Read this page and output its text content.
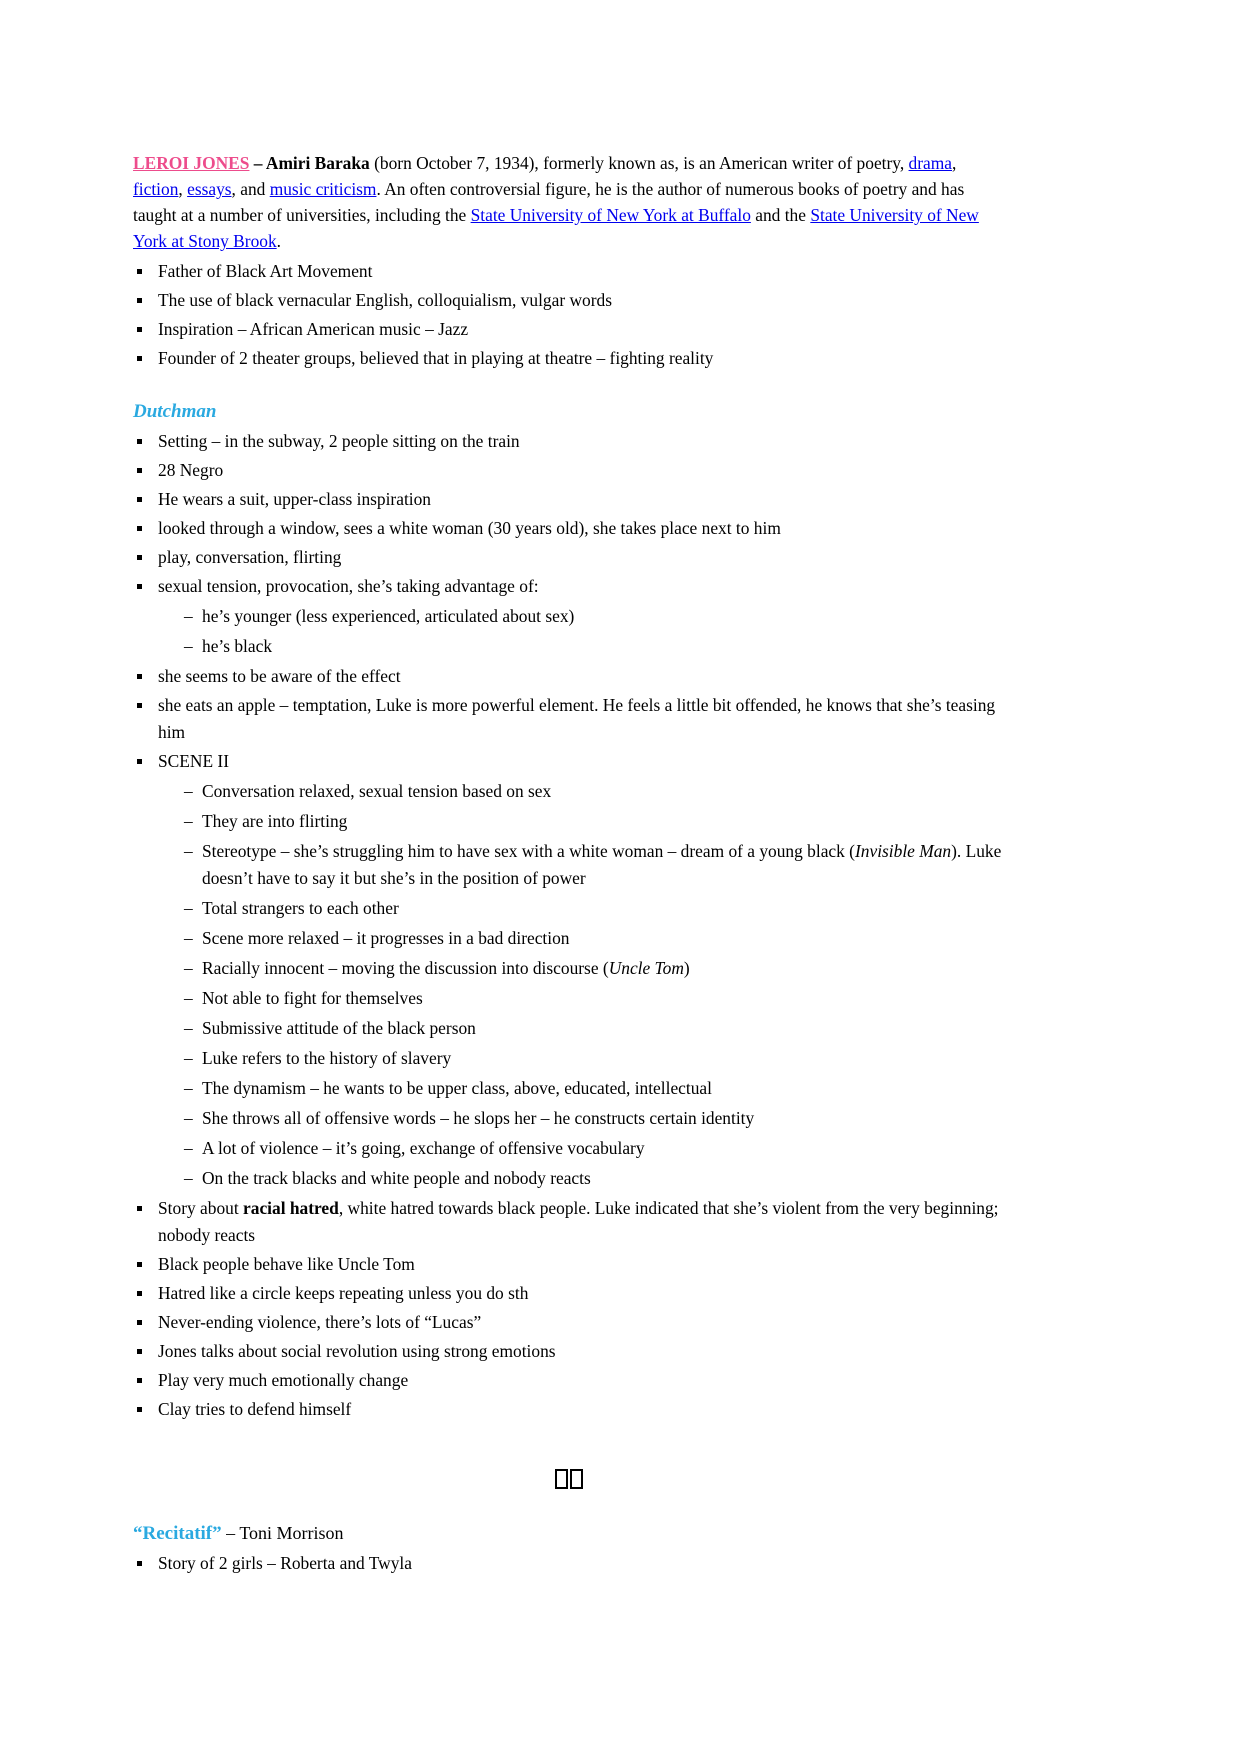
LEROI JONES – Amiri Baraka (born October 7, 1934), formerly known as, is an American writer of poetry, drama, fiction, essays, and music criticism. An often controversial figure, he is the author of numerous books of poetry and has taught at a number of universities, including the State University of New York at Buffalo and the State University of New York at Stony Brook.

Father of Black Art Movement
The use of black vernacular English, colloquialism, vulgar words
Inspiration – African American music – Jazz
Founder of 2 theater groups, believed that in playing at theatre – fighting reality
Dutchman
Setting – in the subway, 2 people sitting on the train
28 Negro
He wears a suit, upper-class inspiration
looked through a window, sees a white woman (30 years old), she takes place next to him
play, conversation, flirting
sexual tension, provocation, she’s taking advantage of:
– he’s younger (less experienced, articulated about sex)
– he’s black
she seems to be aware of the effect
she eats an apple – temptation, Luke is more powerful element. He feels a little bit offended, he knows that she’s teasing him
SCENE II
– Conversation relaxed, sexual tension based on sex
– They are into flirting
– Stereotype – she’s struggling him to have sex with a white woman – dream of a young black (Invisible Man). Luke doesn’t have to say it but she’s in the position of power
– Total strangers to each other
– Scene more relaxed – it progresses in a bad direction
– Racially innocent – moving the discussion into discourse (Uncle Tom)
– Not able to fight for themselves
– Submissive attitude of the black person
– Luke refers to the history of slavery
– The dynamism – he wants to be upper class, above, educated, intellectual
– She throws all of offensive words – he slops her – he constructs certain identity
– A lot of violence – it’s going, exchange of offensive vocabulary
– On the track blacks and white people and nobody reacts
Story about racial hatred, white hatred towards black people. Luke indicated that she’s violent from the very beginning; nobody reacts
Black people behave like Uncle Tom
Hatred like a circle keeps repeating unless you do sth
Never-ending violence, there’s lots of “Lucas”
Jones talks about social revolution using strong emotions
Play very much emotionally change
Clay tries to defend himself
“Recitatif” – Toni Morrison
Story of 2 girls – Roberta and Twyla
